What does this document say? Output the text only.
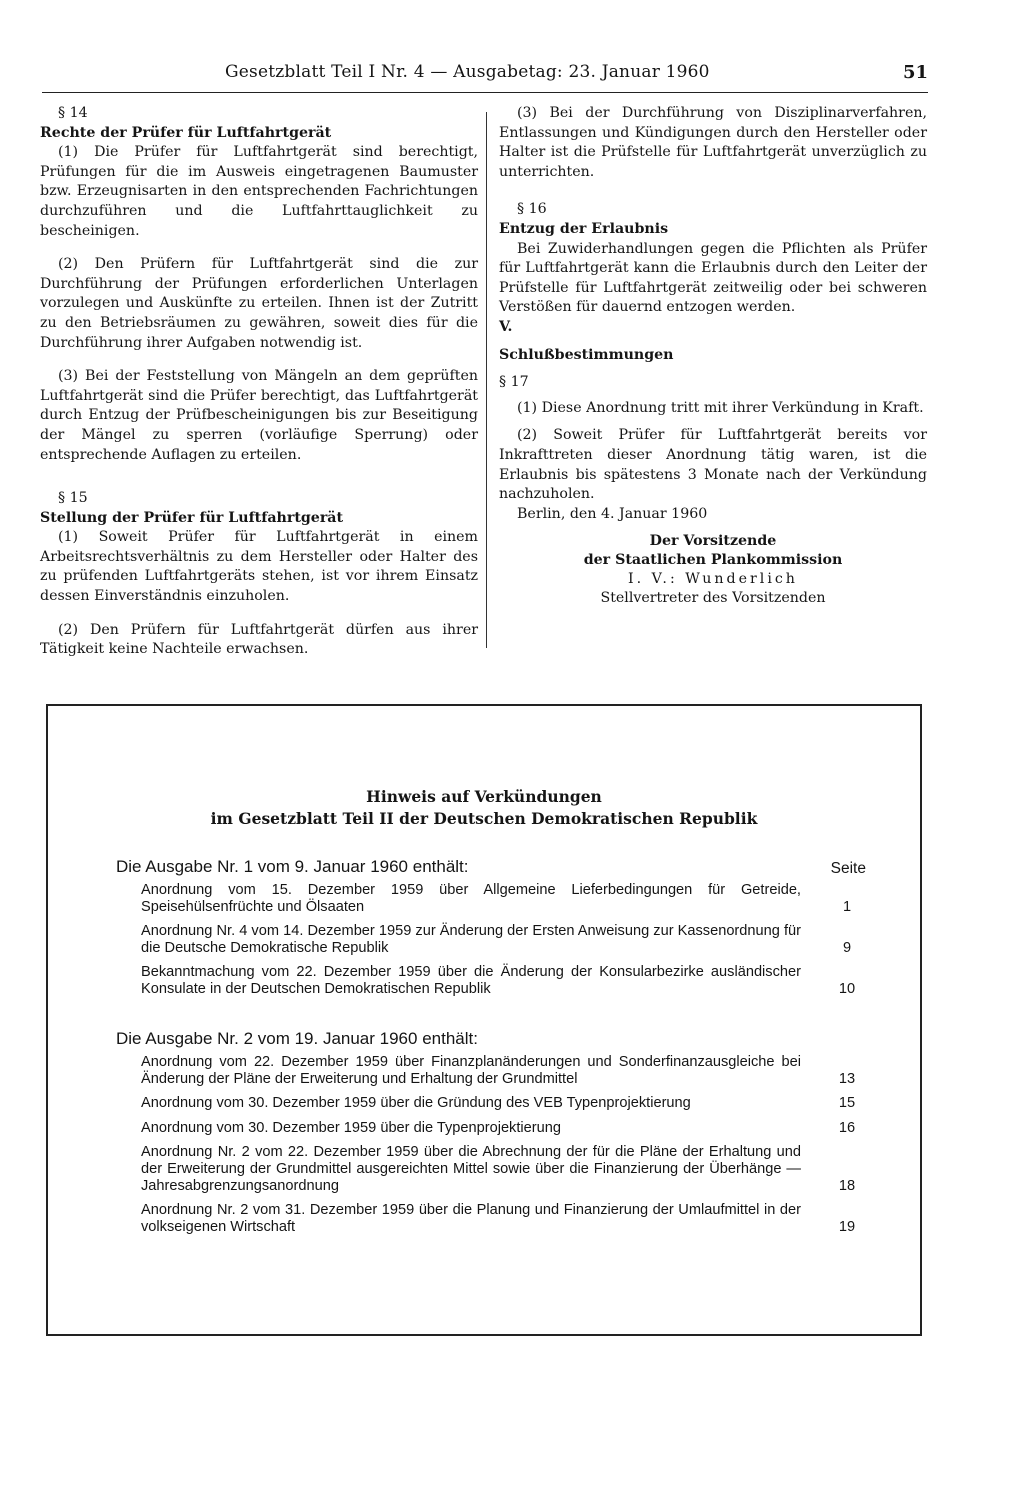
Gesetzblatt Teil I Nr. 4 — Ausgabetag: 23. Januar 1960	51

§ 14

Rechte der Prüfer für Luftfahrtgerät

(1) Die Prüfer für Luftfahrtgerät sind berechtigt, Prüfungen für die im Ausweis eingetragenen Baumuster bzw. Erzeugnisarten in den entsprechenden Fachrichtungen durchzuführen und die Luftfahrttauglichkeit zu bescheinigen.

(2) Den Prüfern für Luftfahrtgerät sind die zur Durchführung der Prüfungen erforderlichen Unterlagen vorzulegen und Auskünfte zu erteilen. Ihnen ist der Zutritt zu den Betriebsräumen zu gewähren, soweit dies für die Durchführung ihrer Aufgaben notwendig ist.

(3) Bei der Feststellung von Mängeln an dem geprüften Luftfahrtgerät sind die Prüfer berechtigt, das Luftfahrtgerät durch Entzug der Prüfbescheinigungen bis zur Beseitigung der Mängel zu sperren (vorläufige Sperrung) oder entsprechende Auflagen zu erteilen.

§ 15

Stellung der Prüfer für Luftfahrtgerät

(1) Soweit Prüfer für Luftfahrtgerät in einem Arbeitsrechtsverhältnis zu dem Hersteller oder Halter des zu prüfenden Luftfahrtgeräts stehen, ist vor ihrem Einsatz dessen Einverständnis einzuholen.

(2) Den Prüfern für Luftfahrtgerät dürfen aus ihrer Tätigkeit keine Nachteile erwachsen.

(3) Bei der Durchführung von Disziplinarverfahren, Entlassungen und Kündigungen durch den Hersteller oder Halter ist die Prüfstelle für Luftfahrtgerät unverzüglich zu unterrichten.

§ 16

Entzug der Erlaubnis

Bei Zuwiderhandlungen gegen die Pflichten als Prüfer für Luftfahrtgerät kann die Erlaubnis durch den Leiter der Prüfstelle für Luftfahrtgerät zeitweilig oder bei schweren Verstößen für dauernd entzogen werden.

V.

Schlußbestimmungen

§ 17

(1) Diese Anordnung tritt mit ihrer Verkündung in Kraft.

(2) Soweit Prüfer für Luftfahrtgerät bereits vor Inkrafttreten dieser Anordnung tätig waren, ist die Erlaubnis bis spätestens 3 Monate nach der Verkündung nachzuholen.

Berlin, den 4. Januar 1960

Der Vorsitzende
der Staatlichen Plankommission
I. V.: Wunderlich
Stellvertreter des Vorsitzenden
Hinweis auf Verkündungen
im Gesetzblatt Teil II der Deutschen Demokratischen Republik
Die Ausgabe Nr. 1 vom 9. Januar 1960 enthält:	Seite
Anordnung vom 15. Dezember 1959 über Allgemeine Lieferbedingungen für Getreide, Speisehülsenfrüchte und Ölsaaten	1
Anordnung Nr. 4 vom 14. Dezember 1959 zur Änderung der Ersten Anweisung zur Kassenordnung für die Deutsche Demokratische Republik	9
Bekanntmachung vom 22. Dezember 1959 über die Änderung der Konsularbezirke ausländischer Konsulate in der Deutschen Demokratischen Republik	10
Die Ausgabe Nr. 2 vom 19. Januar 1960 enthält:
Anordnung vom 22. Dezember 1959 über Finanzplanänderungen und Sonderfinanzausgleiche bei Änderung der Pläne der Erweiterung und Erhaltung der Grundmittel	13
Anordnung vom 30. Dezember 1959 über die Gründung des VEB Typenprojektierung	15
Anordnung vom 30. Dezember 1959 über die Typenprojektierung	16
Anordnung Nr. 2 vom 22. Dezember 1959 über die Abrechnung der für die Pläne der Erhaltung und der Erweiterung der Grundmittel ausgereichten Mittel sowie über die Finanzierung der Überhänge — Jahresabgrenzungsanordnung	18
Anordnung Nr. 2 vom 31. Dezember 1959 über die Planung und Finanzierung der Umlaufmittel in der volkseigenen Wirtschaft	19
